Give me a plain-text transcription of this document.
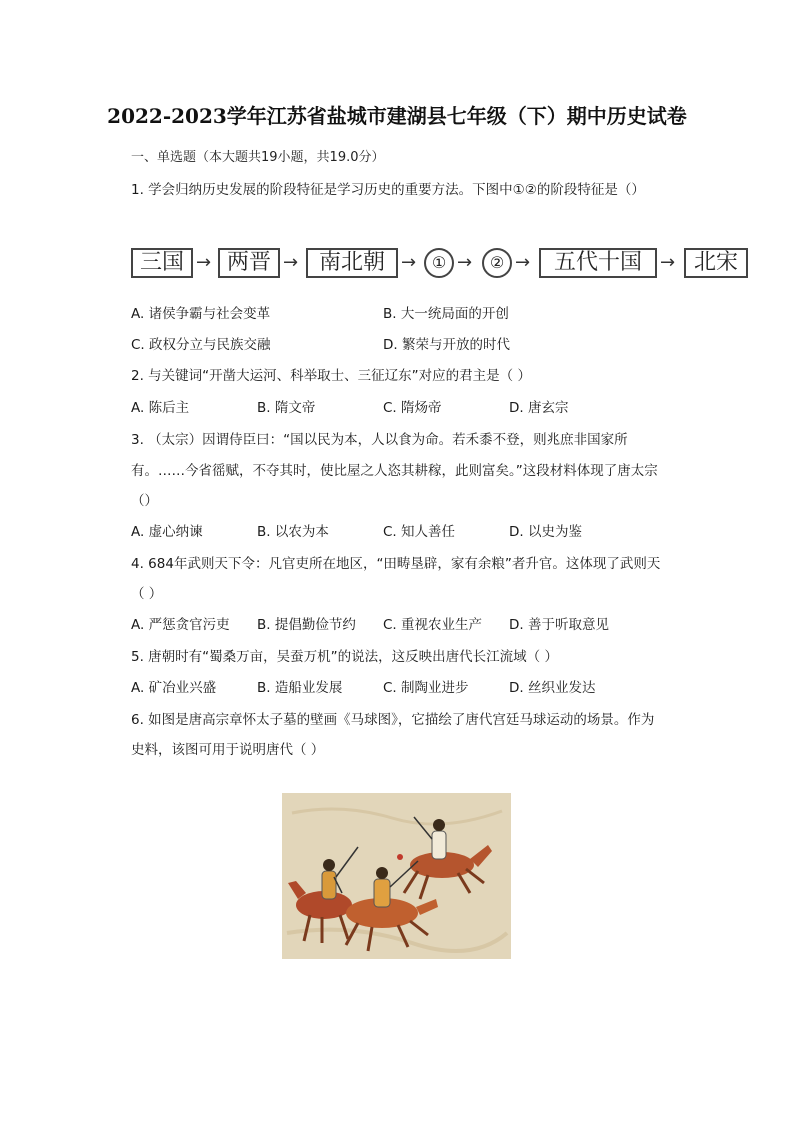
2022-2023学年江苏省盐城市建湖县七年级（下）期中历史试卷
一、单选题（本大题共19小题，共19.0分）
1. 学会归纳历史发展的阶段特征是学习历史的重要方法。下图中①②的阶段特征是（）
三国 → 两晋 → 南北朝 → ① →	② →	五代十国	→ 北宋
A. 诸侯争霸与社会变革	B. 大一统局面的开创
C. 政权分立与民族交融	D. 繁荣与开放的时代
2. 与关键词“开凿大运河、科举取士、三征辽东”对应的君主是（ ）
A. 陈后主	B. 隋文帝	C. 隋炀帝	D. 唐玄宗
3. （太宗）因谓侍臣曰：“国以民为本，人以食为命。若禾黍不登，则兆庶非国家所
有。……今省徭赋，不夺其时，使比屋之人恣其耕稼，此则富矣。”这段材料体现了唐太宗
（）
A. 虚心纳谏	B. 以农为本	C. 知人善任	D. 以史为鉴
4. 684年武则天下令：凡官吏所在地区，“田畴垦辟，家有余粮”者升官。这体现了武则天
（ ）
A. 严惩贪官污吏 B. 提倡勤俭节约 C. 重视农业生产 D. 善于听取意见
5. 唐朝时有“蜀桑万亩，吴蚕万机”的说法，这反映出唐代长江流域（ ）
A. 矿冶业兴盛	B. 造船业发展	C. 制陶业进步	D. 丝织业发达
6. 如图是唐高宗章怀太子墓的壁画《马球图》，它描绘了唐代宫廷马球运动的场景。作为
史料，该图可用于说明唐代（ ）
